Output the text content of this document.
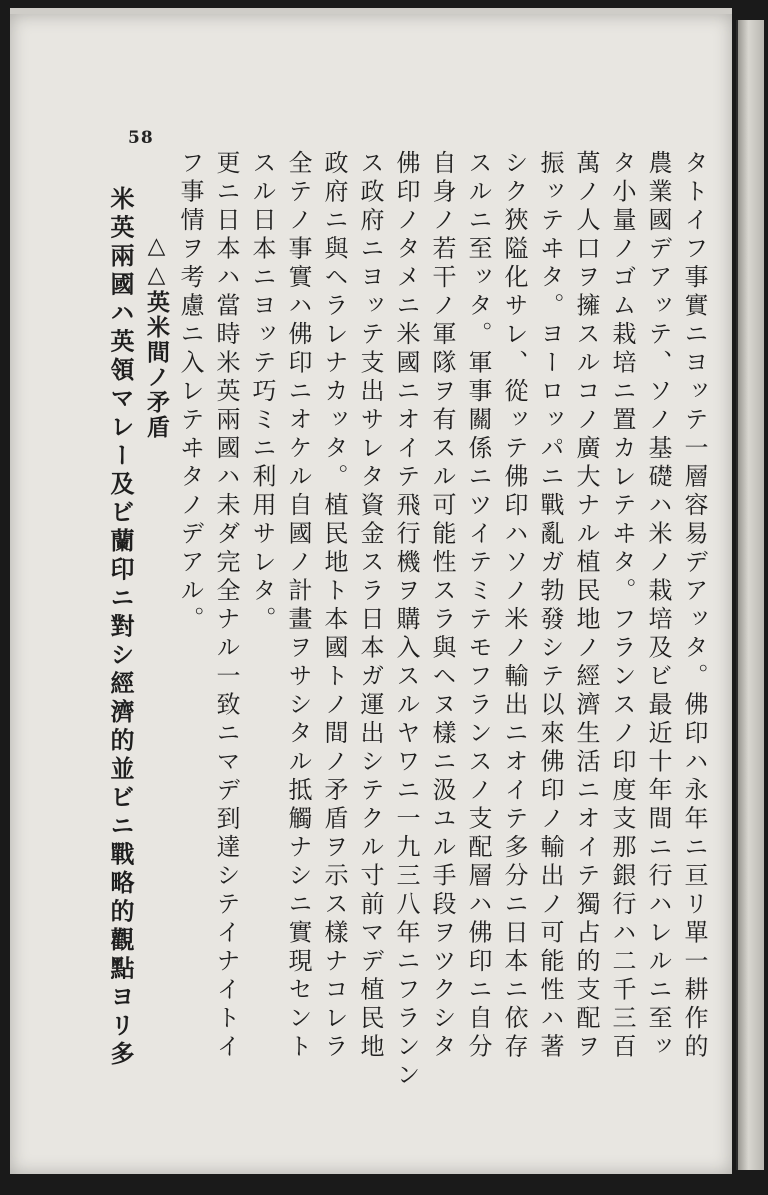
58
タトイフ事實ニヨッテ一層容易デアッタ。佛印ハ永年ニ亘リ單一耕作的
農業國デアッテ、ソノ基礎ハ米ノ栽培及ビ最近十年間ニ行ハレルニ至ッ
タ小量ノゴム栽培ニ置カレテヰタ。フランスノ印度支那銀行ハ二千三百
萬ノ人口ヲ擁スルコノ廣大ナル植民地ノ經濟生活ニオイテ獨占的支配ヲ
振ッテヰタ。ヨーロッパニ戰亂ガ勃發シテ以來佛印ノ輸出ノ可能性ハ著
シク狹隘化サレ、從ッテ佛印ハソノ米ノ輸出ニオイテ多分ニ日本ニ依存
スルニ至ッタ。軍事關係ニツイテミテモフランスノ支配層ハ佛印ニ自分
自身ノ若干ノ軍隊ヲ有スル可能性スラ與ヘヌ樣ニ汲ユル手段ヲツクシタ
佛印ノタメニ米國ニオイテ飛行機ヲ購入スルヤワニ一九三八年ニフランン
ス政府ニヨッテ支出サレタ資金スラ日本ガ運出シテクル寸前マデ植民地
政府ニ與ヘラレナカッタ。植民地ト本國トノ間ノ矛盾ヲ示ス樣ナコレラ
全テノ事實ハ佛印ニオケル自國ノ計畫ヲサシタル抵觸ナシニ實現セント
スル日本ニヨッテ巧ミニ利用サレタ。
更ニ日本ハ當時米英兩國ハ未ダ完全ナル一致ニマデ到達シテイナイトイ
フ事情ヲ考慮ニ入レテヰタノデアル。
△△英米間ノ矛盾
米英兩國ハ英領マレー及ビ蘭印ニ對シ經濟的並ビニ戰略的觀點ヨリ多
